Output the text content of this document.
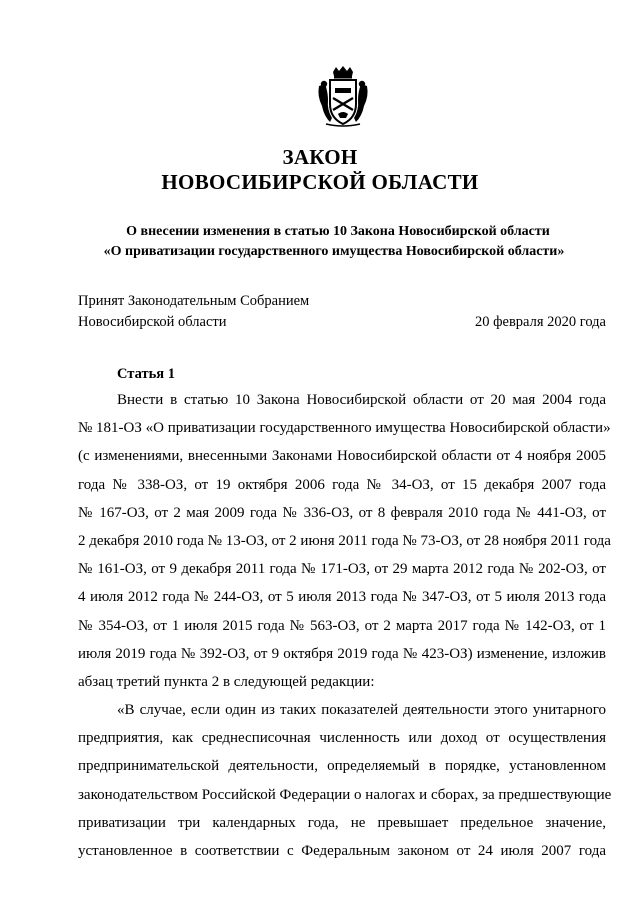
ЗАКОН
НОВОСИБИРСКОЙ ОБЛАСТИ
О внесении изменения в статью 10 Закона Новосибирской области
«О приватизации государственного имущества Новосибирской области»
Принят Законодательным Собранием
Новосибирской области	20 февраля 2020 года
Статья 1
Внести в статью 10 Закона Новосибирской области от 20 мая 2004 года
№ 181-ОЗ «О приватизации государственного имущества Новосибирской области»
(с изменениями, внесенными Законами Новосибирской области от 4 ноября 2005
года № 338-ОЗ, от 19 октября 2006 года № 34-ОЗ, от 15 декабря 2007 года
№ 167-ОЗ, от 2 мая 2009 года № 336-ОЗ, от 8 февраля 2010 года № 441-ОЗ, от
2 декабря 2010 года № 13-ОЗ, от 2 июня 2011 года № 73-ОЗ, от 28 ноября 2011 года
№ 161-ОЗ, от 9 декабря 2011 года № 171-ОЗ, от 29 марта 2012 года № 202-ОЗ, от
4 июля 2012 года № 244-ОЗ, от 5 июля 2013 года № 347-ОЗ, от 5 июля 2013 года
№ 354-ОЗ, от 1 июля 2015 года № 563-ОЗ, от 2 марта 2017 года № 142-ОЗ, от 1
июля 2019 года № 392-ОЗ, от 9 октября 2019 года № 423-ОЗ) изменение, изложив
абзац третий пункта 2 в следующей редакции:
«В случае, если один из таких показателей деятельности этого унитарного
предприятия, как среднесписочная численность или доход от осуществления
предпринимательской деятельности, определяемый в порядке, установленном
законодательством Российской Федерации о налогах и сборах, за предшествующие
приватизации три календарных года, не превышает предельное значение,
установленное в соответствии с Федеральным законом от 24 июля 2007 года
